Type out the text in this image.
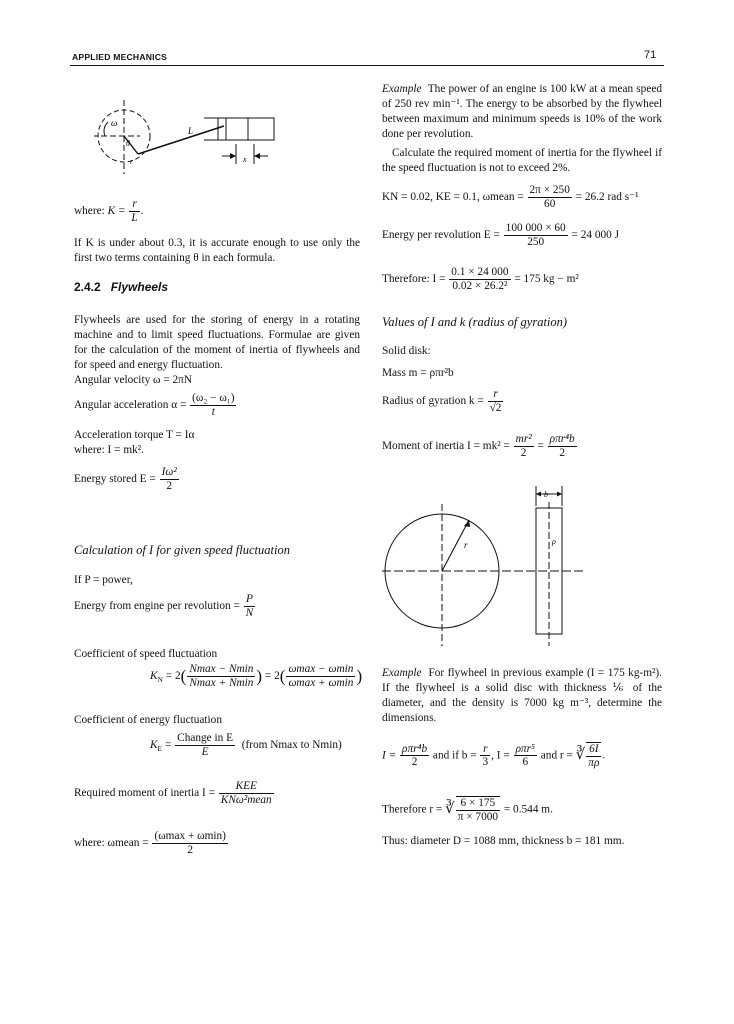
APPLIED MECHANICS	71
ω
θ
L
x
r
where: $K = \frac{r}{L}$ .
If K is under about 0.3, it is accurate enough to use only the first two terms containing θ in each formula.
2.4.2 Flywheels
Flywheels are used for the storing of energy in a rotating machine and to limit speed fluctuations. Formulae are given for the calculation of the moment of inertia of flywheels and for speed and energy fluctuation.
Angular velocity ω = 2πN
Angular acceleration $\alpha = \frac{\text{(ω₂ − ω₁)}}{t}$
Acceleration torque T = Iα
where: I = mk².
Energy stored $E = \frac{\text{Iω²}}{2}$
Calculation of I for given speed fluctuation
If P = power,
Energy from engine per revolution = $\frac{P}{N}$
Coefficient of speed fluctuation
$K_N = 2( \frac{Nmax - Nmin}{Nmax + Nmin}$ ) = $2( \frac{\omega\max - \omega\min}{\omega\max + \omega\min}$ )
Coefficient of energy fluctuation
$K_E = \frac{\text{Change in E}}{E}$ (from Nmax to Nmin)
Required moment of inertia $I = \frac{\text{KEE}}{\text{KNω²mean}}$
where: ωmean = $\frac{(\omega\max + \omega\min)}{2}$
Example The power of an engine is 100 kW at a mean speed of 250 rev min⁻¹. The energy to be absorbed by the flywheel between maximum and minimum speeds is 10% of the work done per revolution.
Calculate the required moment of inertia for the flywheel if the speed fluctuation is not to exceed 2%.
KN = 0.02, KE = 0.1, ωmean = $\frac{2\pi \times 250}{60} = 26.2$ rad s⁻¹
Energy per revolution $E = \frac{100 000 \times 60}{250} = 24$ 000 J
Therefore: $I = \frac{0.1 \times 24 000}{\text{0.02 × 26.2²}} = 175$ kg − m²
Values of I and k (radius of gyration)
Solid disk:
Mass m = ρπr²b
Radius of gyration $k = \frac{r}{√2}$
Moment of inertia $I = mk^2 = \frac{\text{mr²}}{2} = \frac{\text{ρπr⁴b}}{2}$
r
b
ρ
Example For flywheel in previous example (I = 175 kg-m²). If the flywheel is a solid disc with thickness ⅙ of the diameter, and the density is 7000 kg m⁻³, determine the dimensions.
$I = \frac{\text{ρπr⁴b}}{2}$ and if $b = \frac{r}{3}$ , $I = \frac{\text{ρπr⁵}}{6}$ and r = ∛ $\frac{6I}{\pi\rho}$ .
Therefore r = ∛ $\frac{6 \times 175}{\pi \times 7000} = 0.544$ m.
Thus: diameter D = 1088 mm, thickness b = 181 mm.
